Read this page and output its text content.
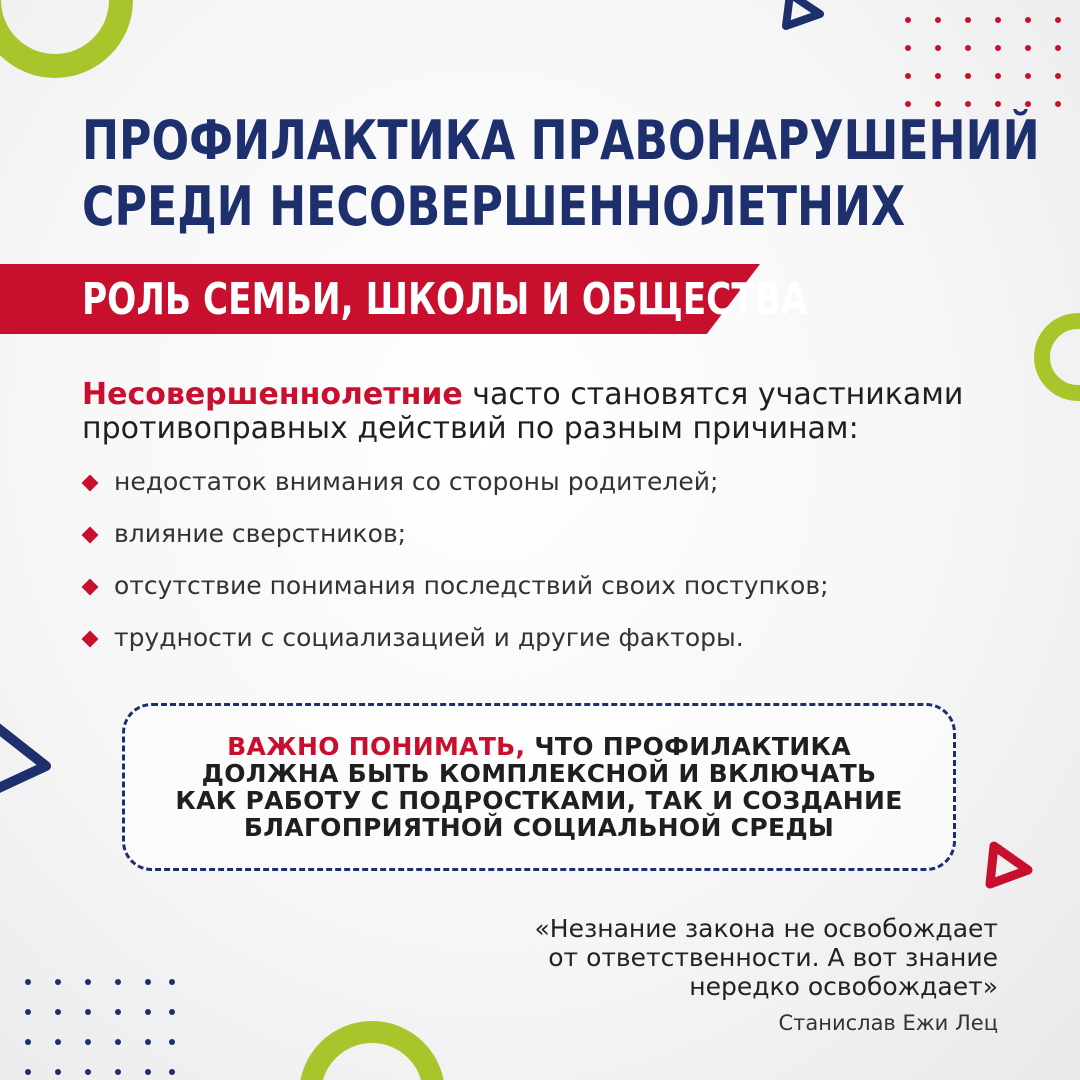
ПРОФИЛАКТИКА ПРАВОНАРУШЕНИЙ
СРЕДИ НЕСОВЕРШЕННОЛЕТНИХ
РОЛЬ СЕМЬИ, ШКОЛЫ И ОБЩЕСТВА
Несовершеннолетние часто становятся участниками противоправных действий по разным причинам:
недостаток внимания со стороны родителей;
влияние сверстников;
отсутствие понимания последствий своих поступков;
трудности с социализацией и другие факторы.
ВАЖНО ПОНИМАТЬ, ЧТО ПРОФИЛАКТИКА
ДОЛЖНА БЫТЬ КОМПЛЕКСНОЙ И ВКЛЮЧАТЬ
КАК РАБОТУ С ПОДРОСТКАМИ, ТАК И СОЗДАНИЕ
БЛАГОПРИЯТНОЙ СОЦИАЛЬНОЙ СРЕДЫ
«Незнание закона не освобождает
от ответственности. А вот знание
нередко освобождает»
Станислав Ежи Лец
